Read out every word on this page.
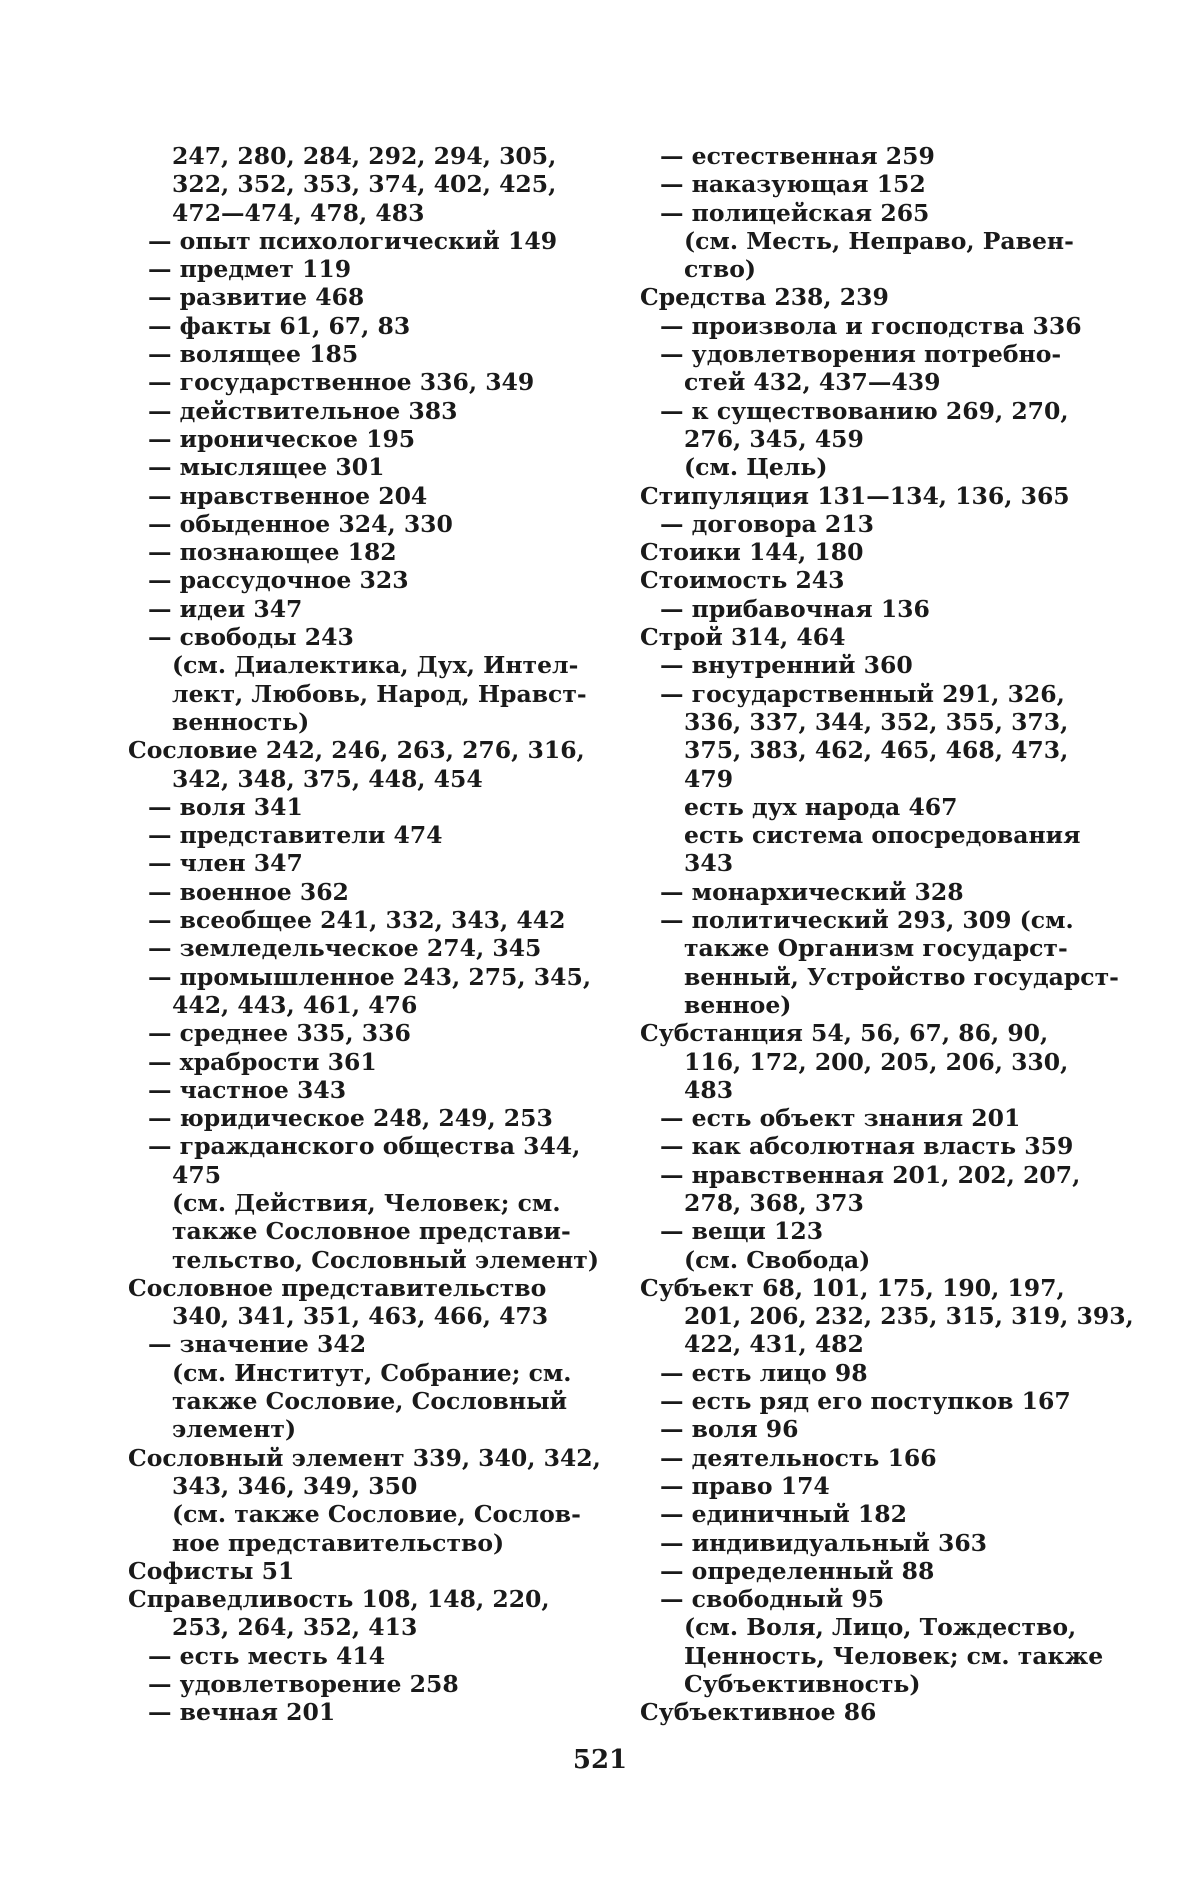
247, 280, 284, 292, 294, 305,
322, 352, 353, 374, 402, 425,
472—474, 478, 483
— опыт психологический 149
— предмет 119
— развитие 468
— факты 61, 67, 83
— волящее 185
— государственное 336, 349
— действительное 383
— ироническое 195
— мыслящее 301
— нравственное 204
— обыденное 324, 330
— познающее 182
— рассудочное 323
— идеи 347
— свободы 243
(см. Диалектика, Дух, Интел-
лект, Любовь, Народ, Нравст-
венность)
Сословие 242, 246, 263, 276, 316,
342, 348, 375, 448, 454
— воля 341
— представители 474
— член 347
— военное 362
— всеобщее 241, 332, 343, 442
— земледельческое 274, 345
— промышленное 243, 275, 345,
442, 443, 461, 476
— среднее 335, 336
— храбрости 361
— частное 343
— юридическое 248, 249, 253
— гражданского общества 344,
475
(см. Действия, Человек; см.
также Сословное представи-
тельство, Сословный элемент)
Сословное представительство
340, 341, 351, 463, 466, 473
— значение 342
(см. Институт, Собрание; см.
также Сословие, Сословный
элемент)
Сословный элемент 339, 340, 342,
343, 346, 349, 350
(см. также Сословие, Сослов-
ное представительство)
Софисты 51
Справедливость 108, 148, 220,
253, 264, 352, 413
— есть месть 414
— удовлетворение 258
— вечная 201
— естественная 259
— наказующая 152
— полицейская 265
(см. Месть, Неправо, Равен-
ство)
Средства 238, 239
— произвола и господства 336
— удовлетворения потребно-
стей 432, 437—439
— к существованию 269, 270,
276, 345, 459
(см. Цель)
Стипуляция 131—134, 136, 365
— договора 213
Стоики 144, 180
Стоимость 243
— прибавочная 136
Строй 314, 464
— внутренний 360
— государственный 291, 326,
336, 337, 344, 352, 355, 373,
375, 383, 462, 465, 468, 473,
479
есть дух народа 467
есть система опосредования
343
— монархический 328
— политический 293, 309 (см.
также Организм государст-
венный, Устройство государст-
венное)
Субстанция 54, 56, 67, 86, 90,
116, 172, 200, 205, 206, 330,
483
— есть объект знания 201
— как абсолютная власть 359
— нравственная 201, 202, 207,
278, 368, 373
— вещи 123
(см. Свобода)
Субъект 68, 101, 175, 190, 197,
201, 206, 232, 235, 315, 319, 393,
422, 431, 482
— есть лицо 98
— есть ряд его поступков 167
— воля 96
— деятельность 166
— право 174
— единичный 182
— индивидуальный 363
— определенный 88
— свободный 95
(см. Воля, Лицо, Тождество,
Ценность, Человек; см. также
Субъективность)
Субъективное 86
521
